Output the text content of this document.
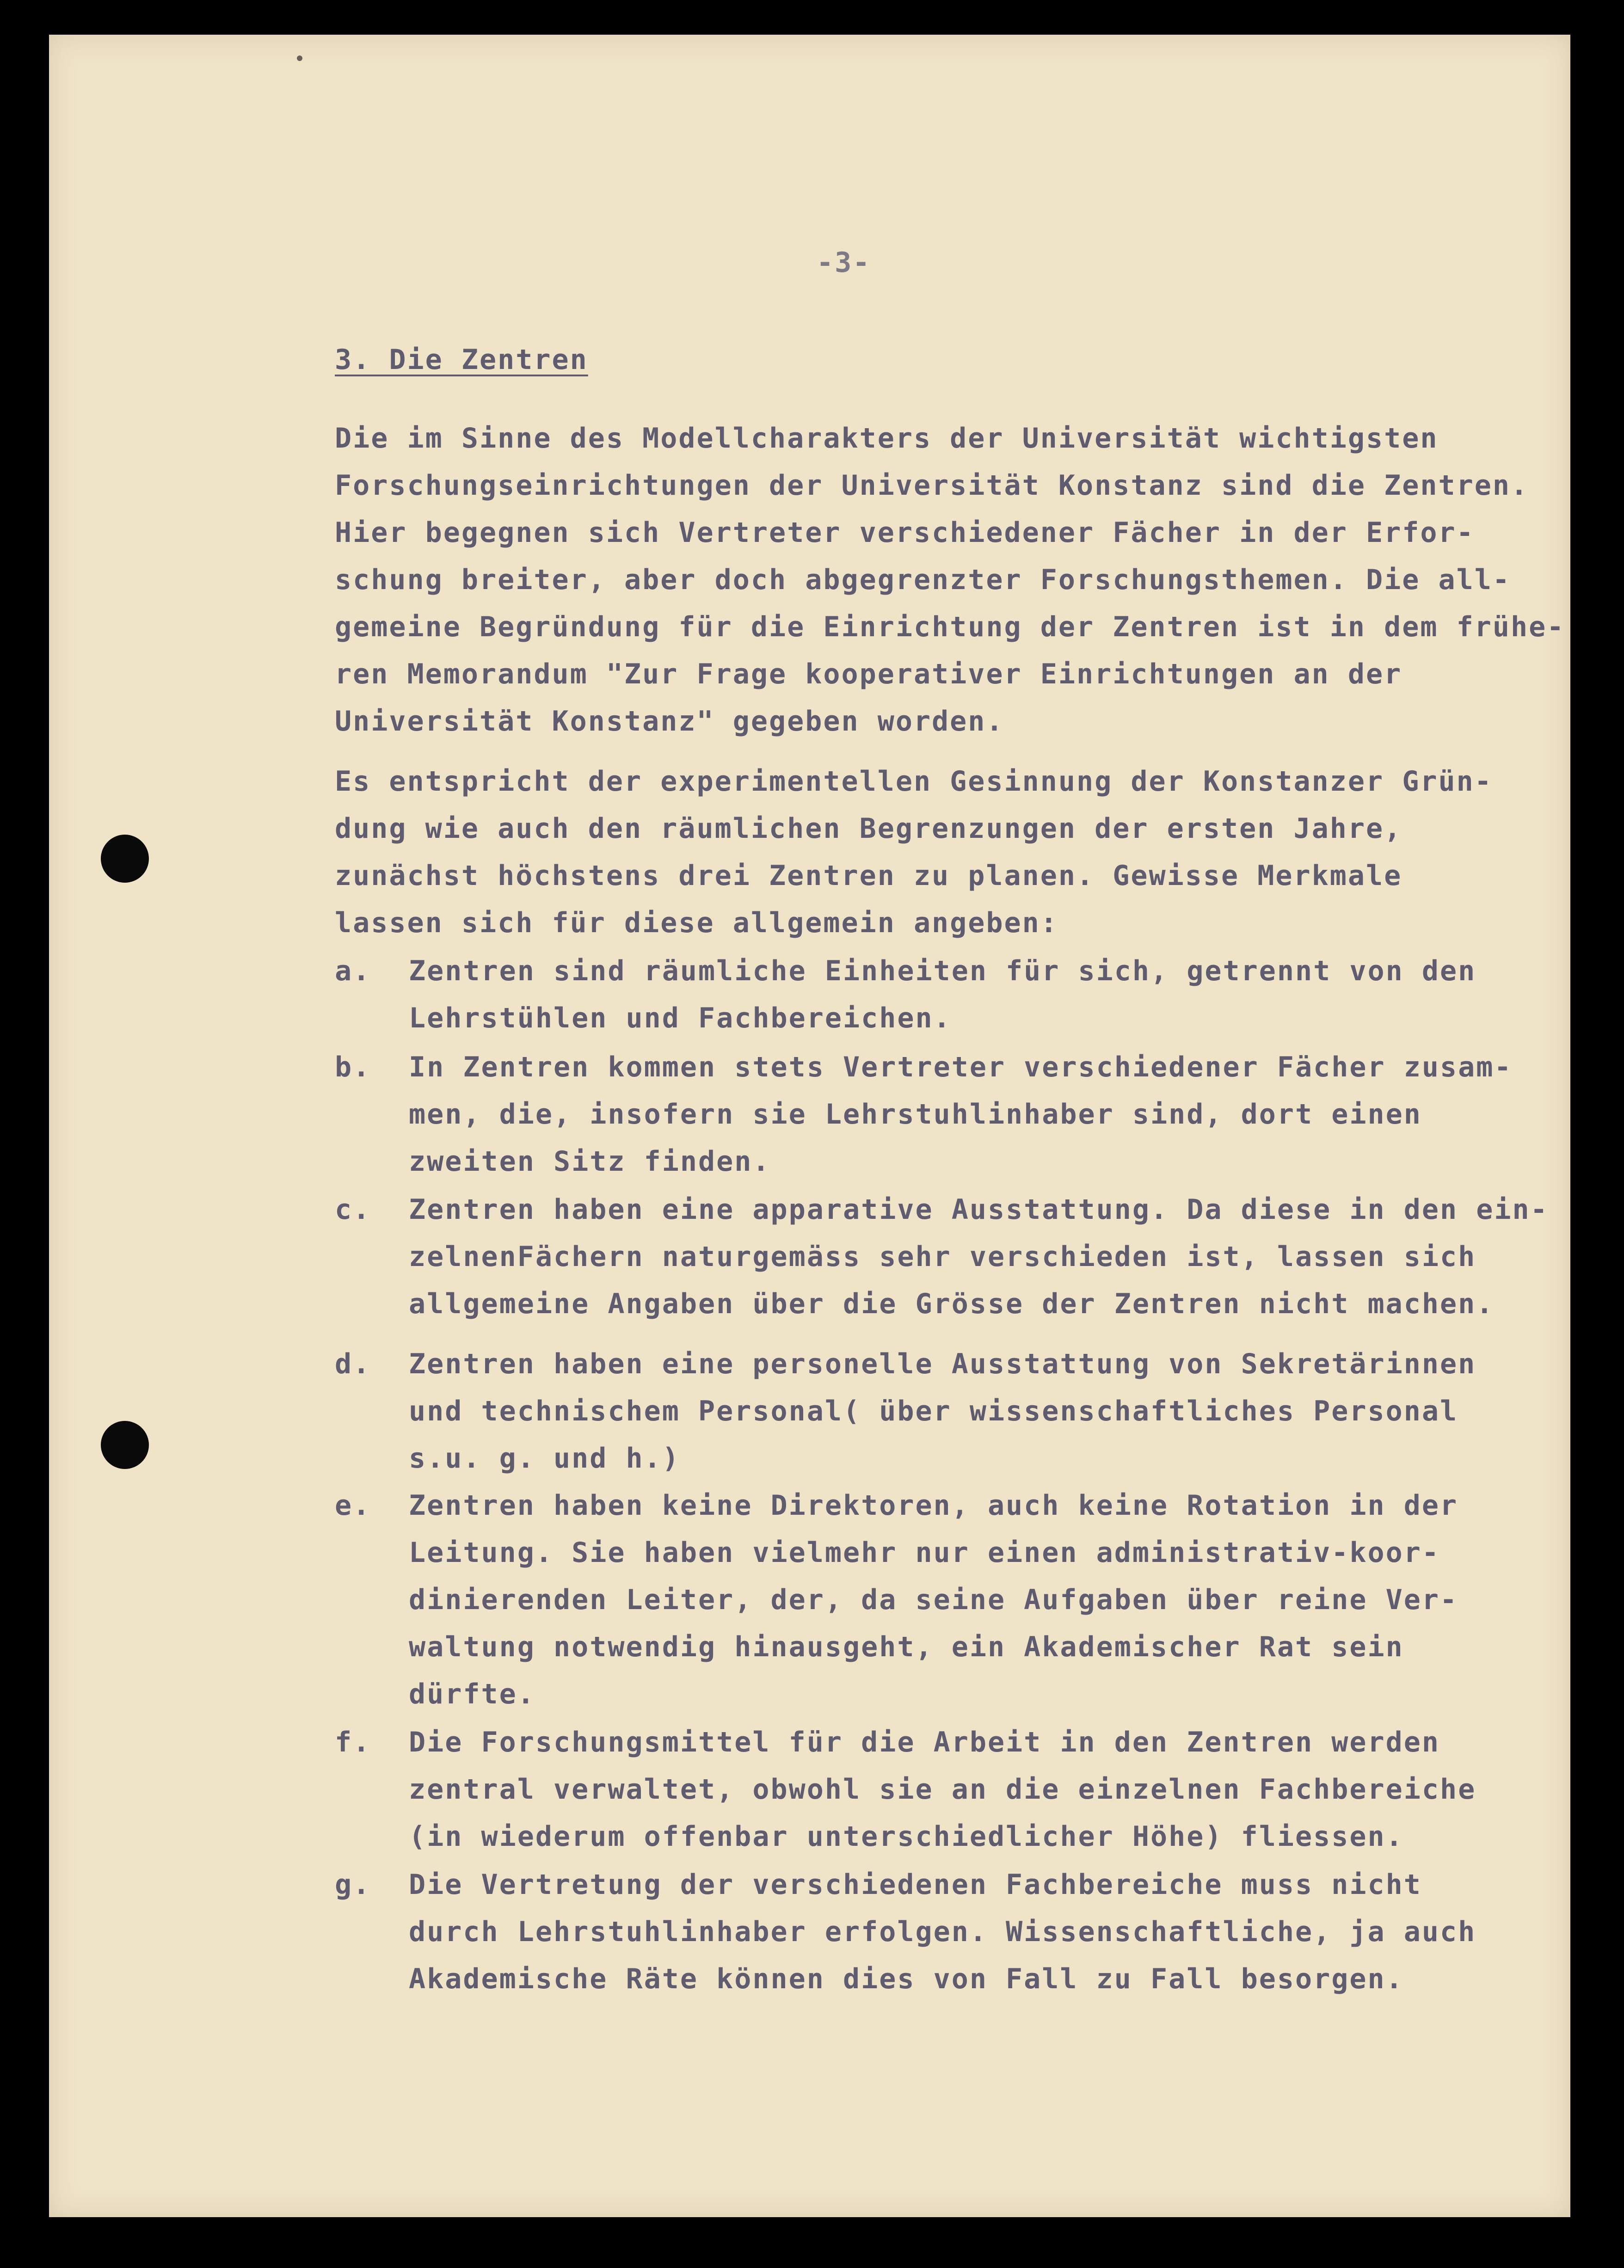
-3-
3. Die Zentren
Die im Sinne des Modellcharakters der Universität wichtigsten
Forschungseinrichtungen der Universität Konstanz sind die Zentren.
Hier begegnen sich Vertreter verschiedener Fächer in der Erfor-
schung breiter, aber doch abgegrenzter Forschungsthemen. Die all-
gemeine Begründung für die Einrichtung der Zentren ist in dem frühe-
ren Memorandum "Zur Frage kooperativer Einrichtungen an der
Universität Konstanz" gegeben worden.
Es entspricht der experimentellen Gesinnung der Konstanzer Grün-
dung wie auch den räumlichen Begrenzungen der ersten Jahre,
zunächst höchstens drei Zentren zu planen. Gewisse Merkmale
lassen sich für diese allgemein angeben:
a. Zentren sind räumliche Einheiten für sich, getrennt von den
Lehrstühlen und Fachbereichen.
b. In Zentren kommen stets Vertreter verschiedener Fächer zusam-
men, die, insofern sie Lehrstuhlinhaber sind, dort einen
zweiten Sitz finden.
c. Zentren haben eine apparative Ausstattung. Da diese in den ein-
zelnenFächern naturgemäss sehr verschieden ist, lassen sich
allgemeine Angaben über die Grösse der Zentren nicht machen.
d. Zentren haben eine personelle Ausstattung von Sekretärinnen
und technischem Personal( über wissenschaftliches Personal
s.u. g. und h.)
e. Zentren haben keine Direktoren, auch keine Rotation in der
Leitung. Sie haben vielmehr nur einen administrativ-koor-
dinierenden Leiter, der, da seine Aufgaben über reine Ver-
waltung notwendig hinausgeht, ein Akademischer Rat sein
dürfte.
f. Die Forschungsmittel für die Arbeit in den Zentren werden
zentral verwaltet, obwohl sie an die einzelnen Fachbereiche
(in wiederum offenbar unterschiedlicher Höhe) fliessen.
g. Die Vertretung der verschiedenen Fachbereiche muss nicht
durch Lehrstuhlinhaber erfolgen. Wissenschaftliche, ja auch
Akademische Räte können dies von Fall zu Fall besorgen.
